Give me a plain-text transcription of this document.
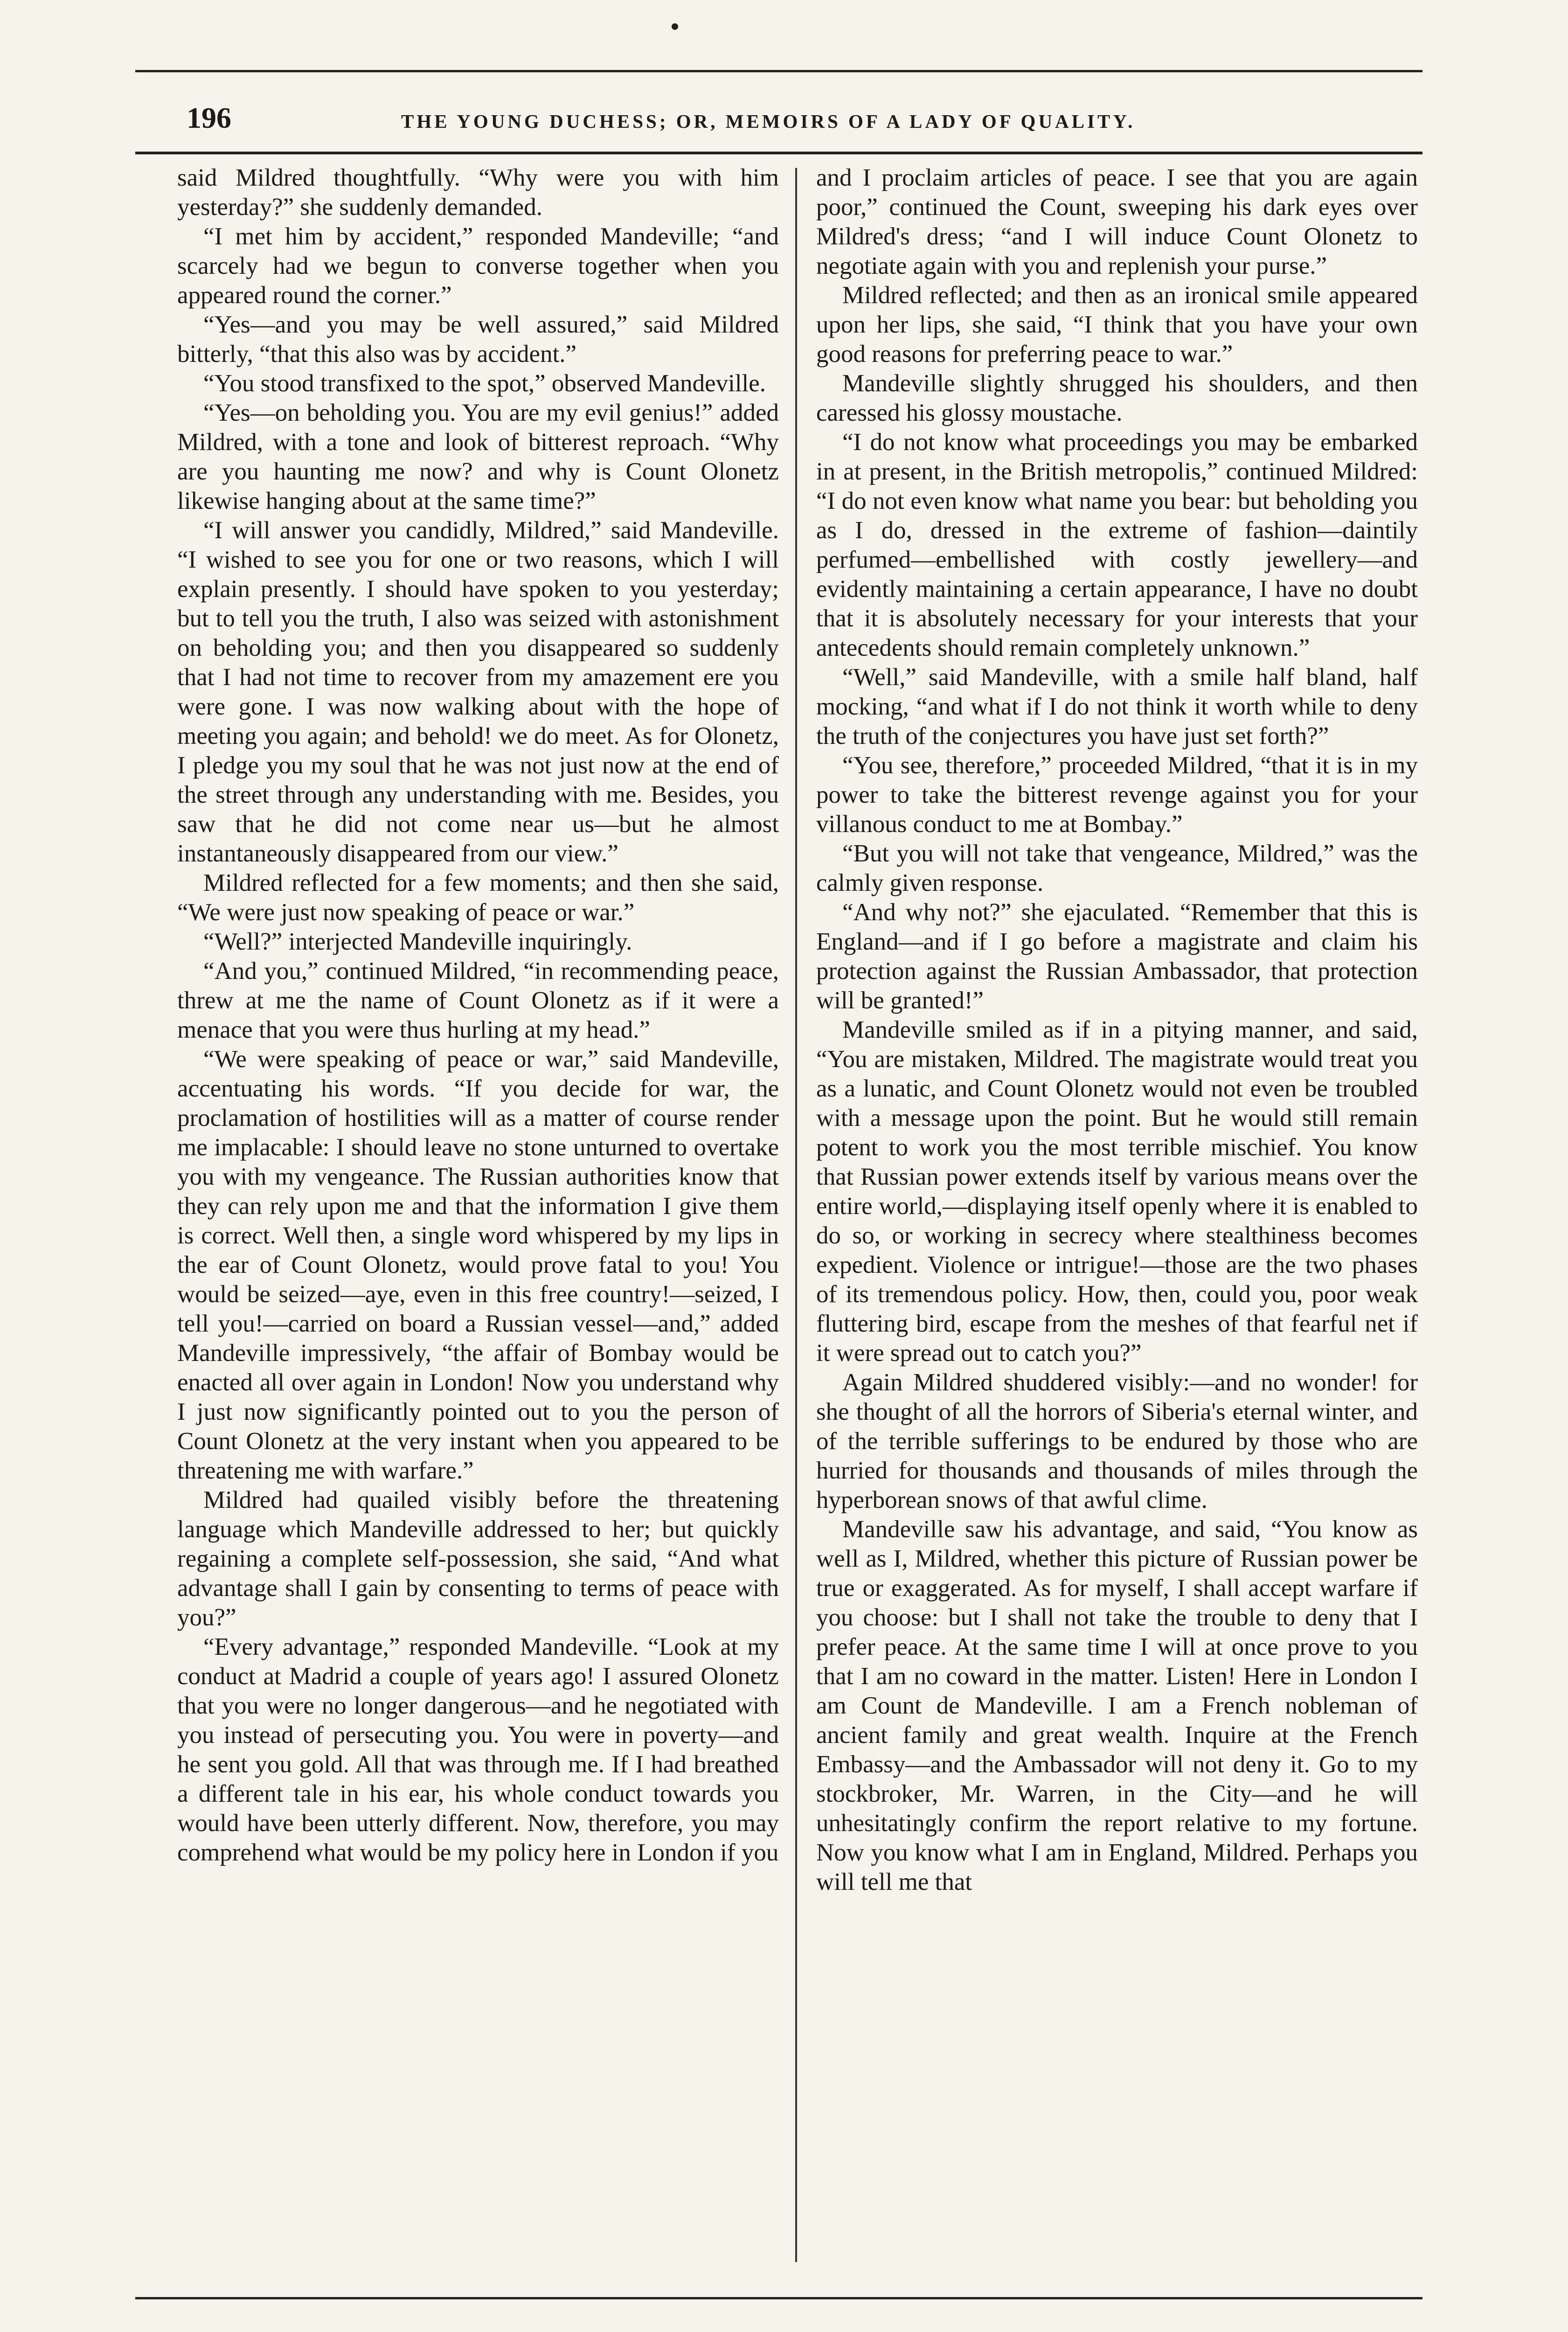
196	THE YOUNG DUCHESS; OR, MEMOIRS OF A LADY OF QUALITY.

said Mildred thoughtfully. “Why were you with him yesterday?” she suddenly demanded.

“I met him by accident,” responded Mandeville; “and scarcely had we begun to converse together when you appeared round the corner.”

“Yes—and you may be well assured,” said Mildred bitterly, “that this also was by accident.”

“You stood transfixed to the spot,” observed Mandeville.

“Yes—on beholding you. You are my evil genius!” added Mildred, with a tone and look of bitterest reproach. “Why are you haunting me now? and why is Count Olonetz likewise hanging about at the same time?”

“I will answer you candidly, Mildred,” said Mandeville. “I wished to see you for one or two reasons, which I will explain presently. I should have spoken to you yesterday; but to tell you the truth, I also was seized with astonishment on beholding you; and then you disappeared so suddenly that I had not time to recover from my amazement ere you were gone. I was now walking about with the hope of meeting you again; and behold! we do meet. As for Olonetz, I pledge you my soul that he was not just now at the end of the street through any understanding with me. Besides, you saw that he did not come near us—but he almost instantaneously disappeared from our view.”

Mildred reflected for a few moments; and then she said, “We were just now speaking of peace or war.”

“Well?” interjected Mandeville inquiringly.

“And you,” continued Mildred, “in recommending peace, threw at me the name of Count Olonetz as if it were a menace that you were thus hurling at my head.”

“We were speaking of peace or war,” said Mandeville, accentuating his words. “If you decide for war, the proclamation of hostilities will as a matter of course render me implacable: I should leave no stone unturned to overtake you with my vengeance. The Russian authorities know that they can rely upon me and that the information I give them is correct. Well then, a single word whispered by my lips in the ear of Count Olonetz, would prove fatal to you! You would be seized—aye, even in this free country!—seized, I tell you!—carried on board a Russian vessel—and,” added Mandeville impressively, “the affair of Bombay would be enacted all over again in London! Now you understand why I just now significantly pointed out to you the person of Count Olonetz at the very instant when you appeared to be threatening me with warfare.”

Mildred had quailed visibly before the threatening language which Mandeville addressed to her; but quickly regaining a complete self-possession, she said, “And what advantage shall I gain by consenting to terms of peace with you?”

“Every advantage,” responded Mandeville. “Look at my conduct at Madrid a couple of years ago! I assured Olonetz that you were no longer dangerous—and he negotiated with you instead of persecuting you. You were in poverty—and he sent you gold. All that was through me. If I had breathed a different tale in his ear, his whole conduct towards you would have been utterly different. Now, therefore, you may comprehend what would be my policy here in London if you

and I proclaim articles of peace. I see that you are again poor,” continued the Count, sweeping his dark eyes over Mildred's dress; “and I will induce Count Olonetz to negotiate again with you and replenish your purse.”

Mildred reflected; and then as an ironical smile appeared upon her lips, she said, “I think that you have your own good reasons for preferring peace to war.”

Mandeville slightly shrugged his shoulders, and then caressed his glossy moustache.

“I do not know what proceedings you may be embarked in at present, in the British metropolis,” continued Mildred: “I do not even know what name you bear: but beholding you as I do, dressed in the extreme of fashion—daintily perfumed—embellished with costly jewellery—and evidently maintaining a certain appearance, I have no doubt that it is absolutely necessary for your interests that your antecedents should remain completely unknown.”

“Well,” said Mandeville, with a smile half bland, half mocking, “and what if I do not think it worth while to deny the truth of the conjectures you have just set forth?”

“You see, therefore,” proceeded Mildred, “that it is in my power to take the bitterest revenge against you for your villanous conduct to me at Bombay.”

“But you will not take that vengeance, Mildred,” was the calmly given response.

“And why not?” she ejaculated. “Remember that this is England—and if I go before a magistrate and claim his protection against the Russian Ambassador, that protection will be granted!”

Mandeville smiled as if in a pitying manner, and said, “You are mistaken, Mildred. The magistrate would treat you as a lunatic, and Count Olonetz would not even be troubled with a message upon the point. But he would still remain potent to work you the most terrible mischief. You know that Russian power extends itself by various means over the entire world,—displaying itself openly where it is enabled to do so, or working in secrecy where stealthiness becomes expedient. Violence or intrigue!—those are the two phases of its tremendous policy. How, then, could you, poor weak fluttering bird, escape from the meshes of that fearful net if it were spread out to catch you?”

Again Mildred shuddered visibly:—and no wonder! for she thought of all the horrors of Siberia's eternal winter, and of the terrible sufferings to be endured by those who are hurried for thousands and thousands of miles through the hyperborean snows of that awful clime.

Mandeville saw his advantage, and said, “You know as well as I, Mildred, whether this picture of Russian power be true or exaggerated. As for myself, I shall accept warfare if you choose: but I shall not take the trouble to deny that I prefer peace. At the same time I will at once prove to you that I am no coward in the matter. Listen! Here in London I am Count de Mandeville. I am a French nobleman of ancient family and great wealth. Inquire at the French Embassy—and the Ambassador will not deny it. Go to my stockbroker, Mr. Warren, in the City—and he will unhesitatingly confirm the report relative to my fortune. Now you know what I am in England, Mildred. Perhaps you will tell me that
